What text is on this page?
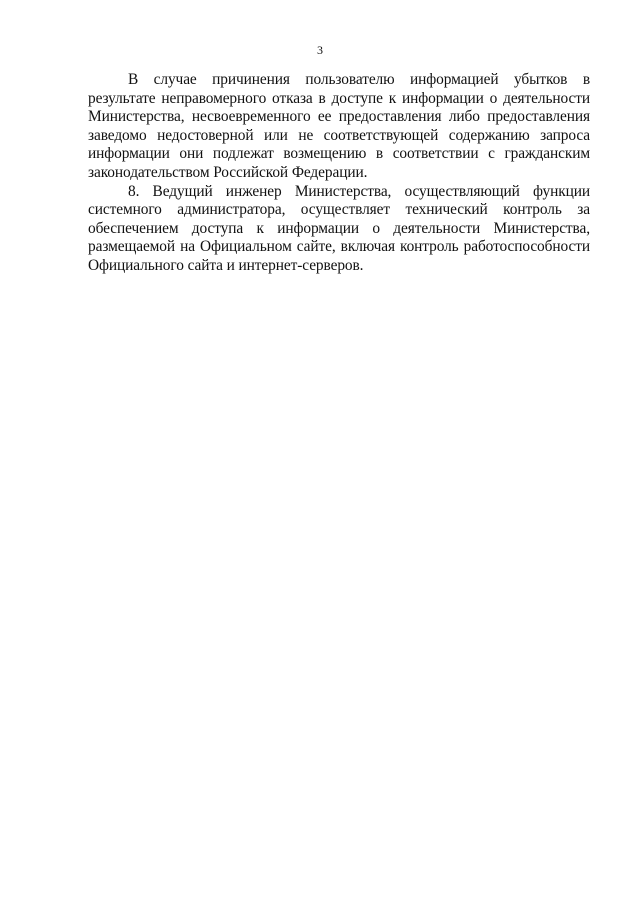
3

В случае причинения пользователю информацией убытков в результате неправомерного отказа в доступе к информации о деятельности Министерства, несвоевременного ее предоставления либо предоставления заведомо недостоверной или не соответствующей содержанию запроса информации они подлежат возмещению в соответствии с гражданским законодательством Российской Федерации.

8. Ведущий инженер Министерства, осуществляющий функции системного администратора, осуществляет технический контроль за обеспечением доступа к информации о деятельности Министерства, размещаемой на Официальном сайте, включая контроль работоспособности Официального сайта и интернет-серверов.
